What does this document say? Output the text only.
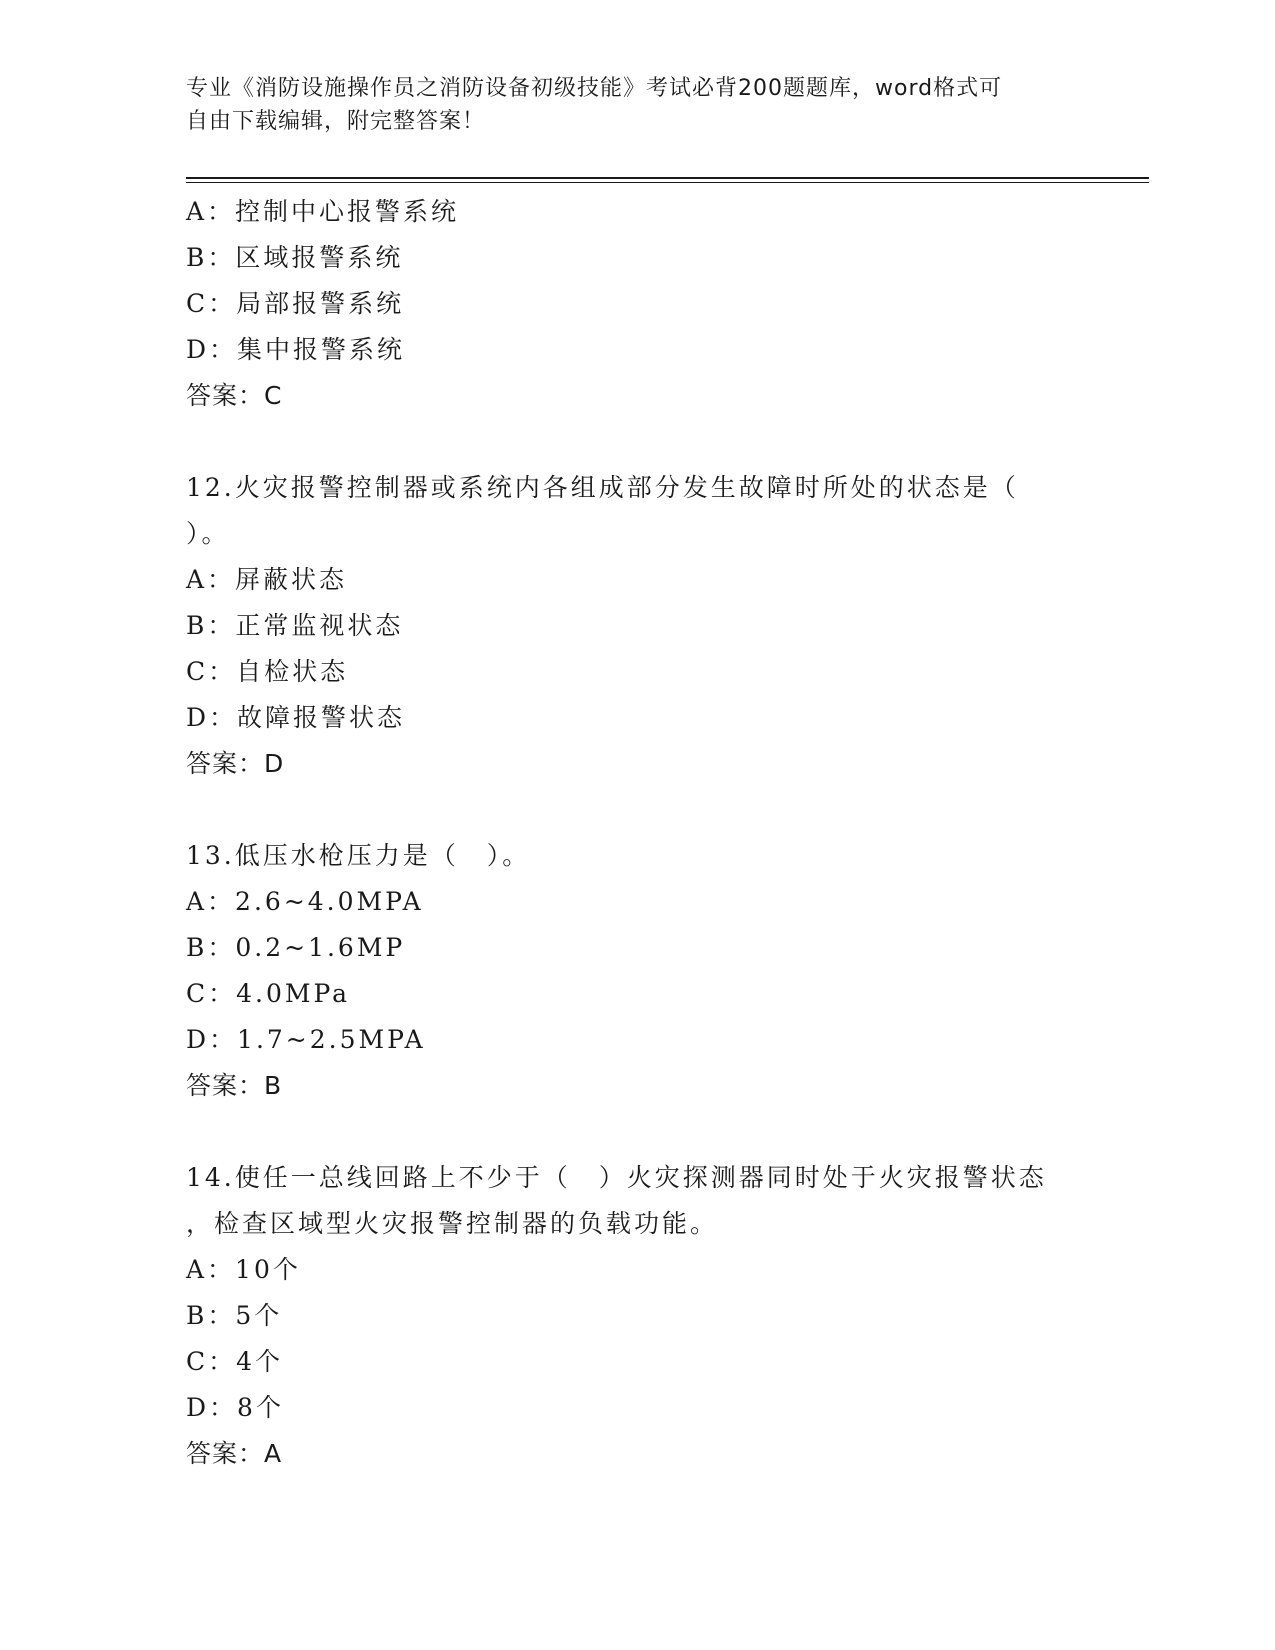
专业《消防设施操作员之消防设备初级技能》考试必背200题题库，word格式可
自由下载编辑，附完整答案！
A：控制中心报警系统
B：区域报警系统
C：局部报警系统
D：集中报警系统
答案：C
12.火灾报警控制器或系统内各组成部分发生故障时所处的状态是（
）。
A：屏蔽状态
B：正常监视状态
C：自检状态
D：故障报警状态
答案：D
13.低压水枪压力是（　）。
A：2.6~4.0MPA
B：0.2~1.6MP
C：4.0MPa
D：1.7~2.5MPA
答案：B
14.使任一总线回路上不少于（　）火灾探测器同时处于火灾报警状态
，检查区域型火灾报警控制器的负载功能。
A：10个
B：5个
C：4个
D：8个
答案：A
